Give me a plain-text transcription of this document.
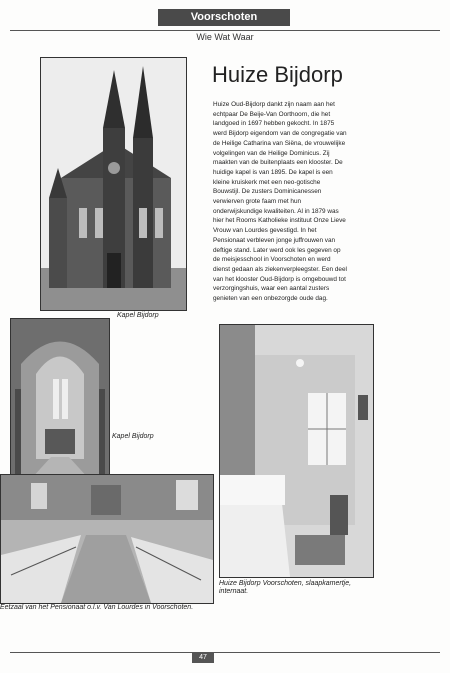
Voorschoten
Wie Wat Waar
Kapel Bijdorp
Huize Bijdorp
Huize Oud-Bijdorp dankt zijn naam aan het echtpaar De Beije-Van Oorthoorn, die het landgoed in 1697 hebben gekocht. In 1875 werd Bijdorp eigendom van de congregatie van de Heilige Catharina van Siëna, de vrouwelijke volgelingen van de Heilige Dominicus. Zij maakten van de buitenplaats een klooster. De huidige kapel is van 1895. De kapel is een kleine kruiskerk met een neo-gotische Bouwstijl. De zusters Dominicanessen verwierven grote faam met hun onderwijskundige kwaliteiten. Al in 1879 was hier het Rooms Katholieke instituut Onze Lieve Vrouw van Lourdes gevestigd. In het Pensionaat verbleven jonge juffrouwen van deftige stand. Later werd ook les gegeven op de meisjesschool in Voorschoten en werd dienst gedaan als ziekenverpleegster. Een deel van het klooster Oud-Bijdorp is omgebouwd tot verzorgingshuis, waar een aantal zusters genieten van een onbezorgde oude dag.
Kapel Bijdorp
Huize Bijdorp Voorschoten, slaapkamertje, internaat.
Eetzaal van het Pensionaat o.l.v. Van Lourdes in Voorschoten.
47
